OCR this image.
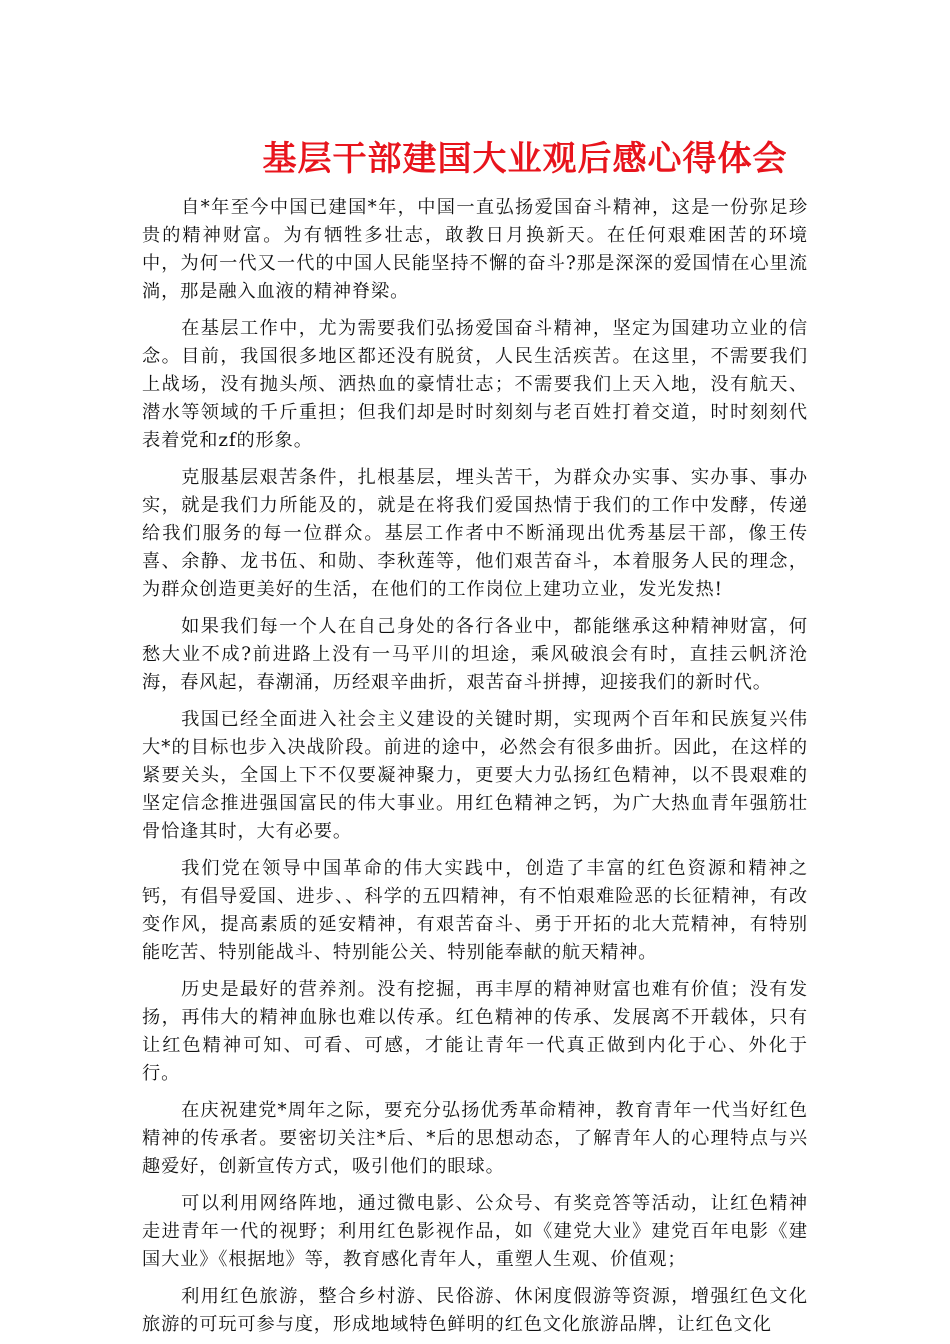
基层干部建国大业观后感心得体会

自*年至今中国已建国*年，中国一直弘扬爱国奋斗精神，这是一份弥足珍贵的精神财富。为有牺牲多壮志，敢教日月换新天。在任何艰难困苦的环境中，为何一代又一代的中国人民能坚持不懈的奋斗?那是深深的爱国情在心里流淌，那是融入血液的精神脊梁。

在基层工作中，尤为需要我们弘扬爱国奋斗精神，坚定为国建功立业的信念。目前，我国很多地区都还没有脱贫，人民生活疾苦。在这里，不需要我们上战场，没有抛头颅、洒热血的豪情壮志；不需要我们上天入地，没有航天、潜水等领域的千斤重担；但我们却是时时刻刻与老百姓打着交道，时时刻刻代表着党和zf的形象。

克服基层艰苦条件，扎根基层，埋头苦干，为群众办实事、实办事、事办实，就是我们力所能及的，就是在将我们爱国热情于我们的工作中发酵，传递给我们服务的每一位群众。基层工作者中不断涌现出优秀基层干部，像王传喜、余静、龙书伍、和勋、李秋莲等，他们艰苦奋斗，本着服务人民的理念，为群众创造更美好的生活，在他们的工作岗位上建功立业，发光发热!

如果我们每一个人在自己身处的各行各业中，都能继承这种精神财富，何愁大业不成?前进路上没有一马平川的坦途，乘风破浪会有时，直挂云帆济沧海，春风起，春潮涌，历经艰辛曲折，艰苦奋斗拼搏，迎接我们的新时代。

我国已经全面进入社会主义建设的关键时期，实现两个百年和民族复兴伟大*的目标也步入决战阶段。前进的途中，必然会有很多曲折。因此，在这样的紧要关头，全国上下不仅要凝神聚力，更要大力弘扬红色精神，以不畏艰难的坚定信念推进强国富民的伟大事业。用红色精神之钙，为广大热血青年强筋壮骨恰逢其时，大有必要。

我们党在领导中国革命的伟大实践中，创造了丰富的红色资源和精神之钙，有倡导爱国、进步、、科学的五四精神，有不怕艰难险恶的长征精神，有改变作风，提高素质的延安精神，有艰苦奋斗、勇于开拓的北大荒精神，有特别能吃苦、特别能战斗、特别能公关、特别能奉献的航天精神。

历史是最好的营养剂。没有挖掘，再丰厚的精神财富也难有价值；没有发扬，再伟大的精神血脉也难以传承。红色精神的传承、发展离不开载体，只有让红色精神可知、可看、可感，才能让青年一代真正做到内化于心、外化于行。

在庆祝建党*周年之际，要充分弘扬优秀革命精神，教育青年一代当好红色精神的传承者。要密切关注*后、*后的思想动态，了解青年人的心理特点与兴趣爱好，创新宣传方式，吸引他们的眼球。

可以利用网络阵地，通过微电影、公众号、有奖竞答等活动，让红色精神走进青年一代的视野；利用红色影视作品，如《建党大业》建党百年电影《建国大业》《根据地》等，教育感化青年人，重塑人生观、价值观；

利用红色旅游，整合乡村游、民俗游、休闲度假游等资源，增强红色文化旅游的可玩可参与度，形成地域特色鲜明的红色文化旅游品牌，让红色文化
